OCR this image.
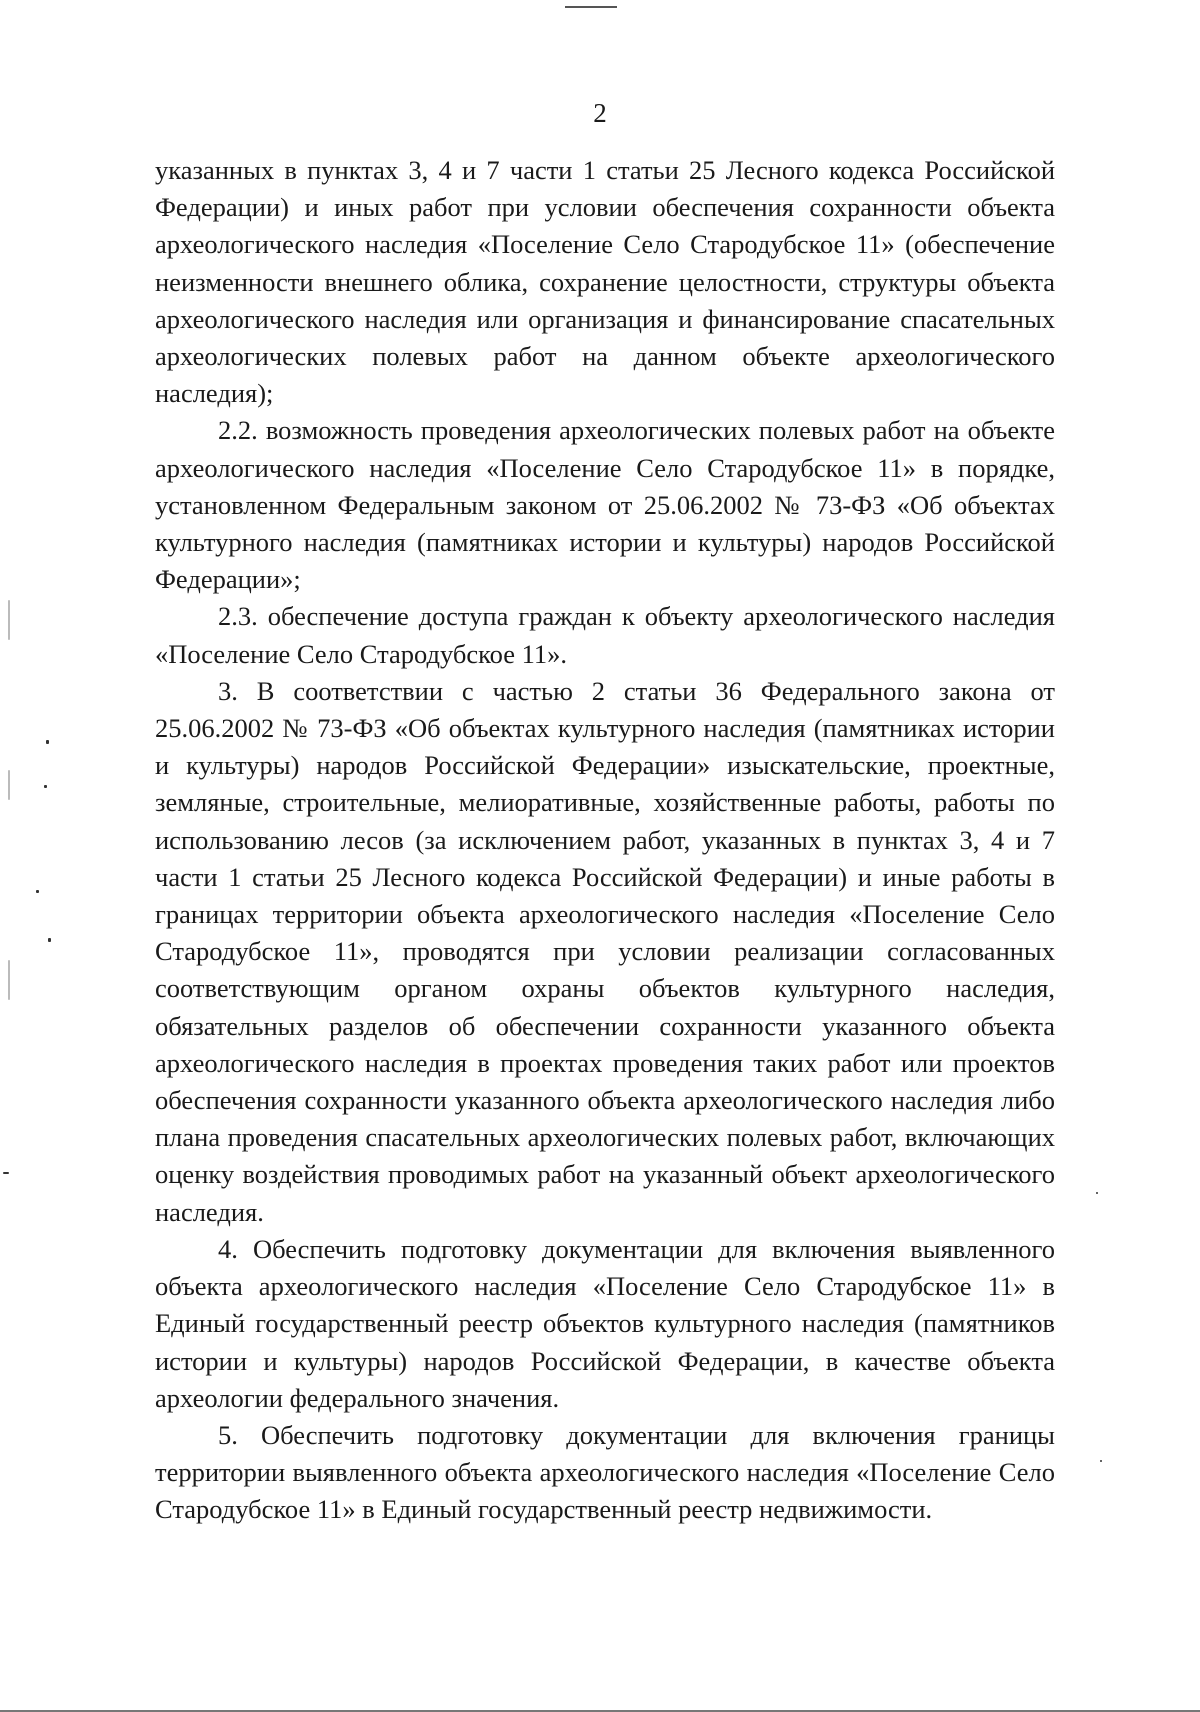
2

указанных в пунктах 3, 4 и 7 части 1 статьи 25 Лесного кодекса Российской Федерации) и иных работ при условии обеспечения сохранности объекта археологического наследия «Поселение Село Стародубское 11» (обеспечение неизменности внешнего облика, сохранение целостности, структуры объекта археологического наследия или организация и финансирование спасательных археологических полевых работ на данном объекте археологического наследия);

2.2. возможность проведения археологических полевых работ на объекте археологического наследия «Поселение Село Стародубское 11» в порядке, установленном Федеральным законом от 25.06.2002 № 73-ФЗ «Об объектах культурного наследия (памятниках истории и культуры) народов Российской Федерации»;

2.3. обеспечение доступа граждан к объекту археологического наследия «Поселение Село Стародубское 11».

3. В соответствии с частью 2 статьи 36 Федерального закона от 25.06.2002 № 73-ФЗ «Об объектах культурного наследия (памятниках истории и культуры) народов Российской Федерации» изыскательские, проектные, земляные, строительные, мелиоративные, хозяйственные работы, работы по использованию лесов (за исключением работ, указанных в пунктах 3, 4 и 7 части 1 статьи 25 Лесного кодекса Российской Федерации) и иные работы в границах территории объекта археологического наследия «Поселение Село Стародубское 11», проводятся при условии реализации согласованных соответствующим органом охраны объектов культурного наследия, обязательных разделов об обеспечении сохранности указанного объекта археологического наследия в проектах проведения таких работ или проектов обеспечения сохранности указанного объекта археологического наследия либо плана проведения спасательных археологических полевых работ, включающих оценку воздействия проводимых работ на указанный объект археологического наследия.

4. Обеспечить подготовку документации для включения выявленного объекта археологического наследия «Поселение Село Стародубское 11» в Единый государственный реестр объектов культурного наследия (памятников истории и культуры) народов Российской Федерации, в качестве объекта археологии федерального значения.

5. Обеспечить подготовку документации для включения границы территории выявленного объекта археологического наследия «Поселение Село Стародубское 11» в Единый государственный реестр недвижимости.
